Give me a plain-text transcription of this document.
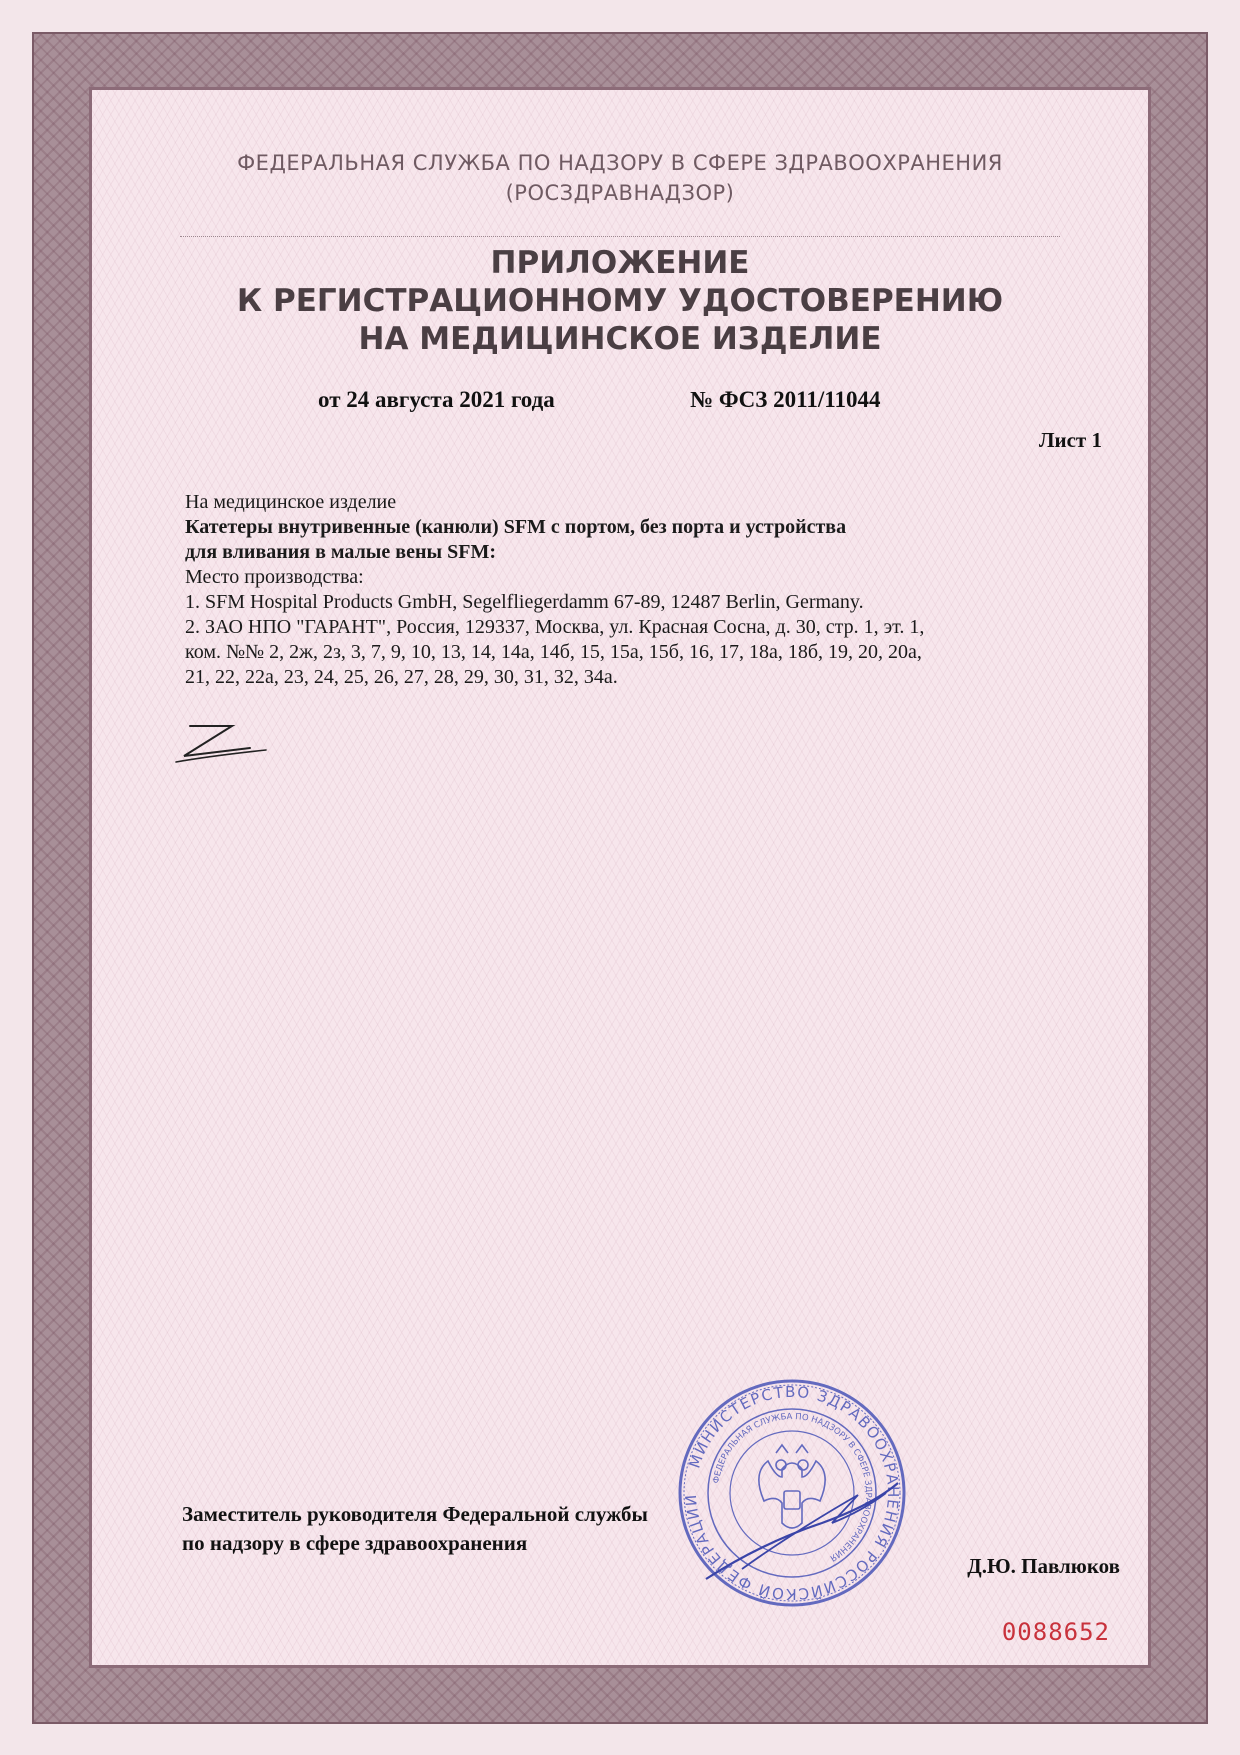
ФЕДЕРАЛЬНАЯ СЛУЖБА ПО НАДЗОРУ В СФЕРЕ ЗДРАВООХРАНЕНИЯ
(РОСЗДРАВНАДЗОР)
ПРИЛОЖЕНИЕ
К РЕГИСТРАЦИОННОМУ УДОСТОВЕРЕНИЮ
НА МЕДИЦИНСКОЕ ИЗДЕЛИЕ
от 24 августа 2021 года	№ ФСЗ 2011/11044
Лист 1
На медицинское изделие
Катетеры внутривенные (канюли) SFM с портом, без порта и устройства
для вливания в малые вены SFM:
Место производства:
1. SFM Hospital Products GmbH, Segelfliegerdamm 67-89, 12487 Berlin, Germany.
2. ЗАО НПО "ГАРАНТ", Россия, 129337, Москва, ул. Красная Сосна, д. 30, стр. 1, эт. 1,
ком. №№ 2, 2ж, 2з, 3, 7, 9, 10, 13, 14, 14а, 14б, 15, 15а, 15б, 16, 17, 18а, 18б, 19, 20, 20а,
21, 22, 22а, 23, 24, 25, 26, 27, 28, 29, 30, 31, 32, 34а.
Заместитель руководителя Федеральной службы
по надзору в сфере здравоохранения
МИНИСТЕРСТВО ЗДРАВООХРАНЕНИЯ РОССИЙСКОЙ ФЕДЕРАЦИИ
ФЕДЕРАЛЬНАЯ СЛУЖБА ПО НАДЗОРУ В СФЕРЕ ЗДРАВООХРАНЕНИЯ	Д.Ю. Павлюков
0088652
